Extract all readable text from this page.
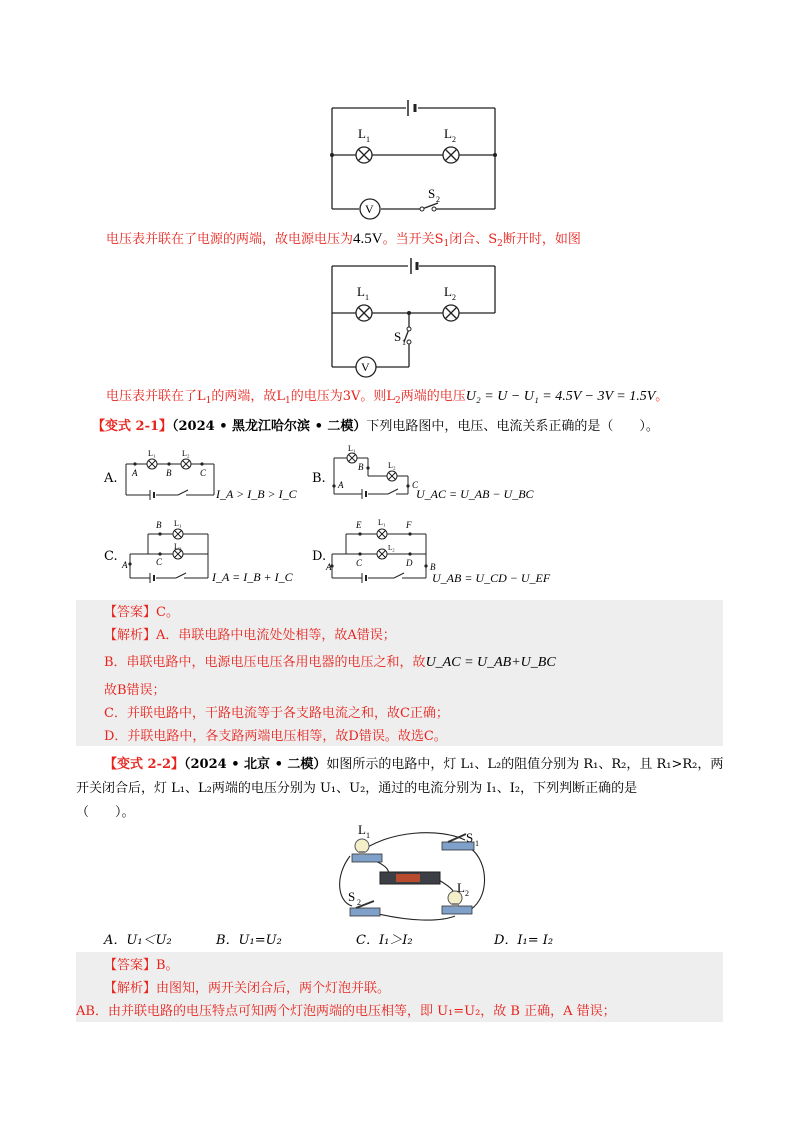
L 1	L 2
S 2
V
电压表并联在了电源的两端，故电源电压为4.5V。当开关$S_1$闭合、$S_2$断开时，如图
L 1	L 2
S 1
V
电压表并联在了$L_1$的两端，故$L_1$的电压为3V。则$L_2$两端的电压U₂ = U − U₁ = 4.5V − 3V = 1.5V。
【变式 2-1】（2024 • 黑龙江哈尔滨 • 二模）下列电路图中，电压、电流关系正确的是（　　）。
A.
L₁	L₂
A	B	C
I_A > I_B > I_C
B.
L₁
L₂
A
B
C
U_AC = U_AB − U_BC
C.
L₁
L₂
A
B
C
I_A = I_B + I_C
D.
L₁
L₂
A	B
C	D
E	F
U_AB = U_CD − U_EF
【答案】C。
【解析】A．串联电路中电流处处相等，故A错误；
B．串联电路中，电源电压电压各用电器的电压之和，故U_AC = U_AB+U_BC
故B错误；
C．并联电路中，干路电流等于各支路电流之和，故C正确；
D．并联电路中，各支路两端电压相等，故D错误。故选C。
【变式 2-2】（2024 • 北京 • 二模）如图所示的电路中，灯 L₁、L₂的阻值分别为 R₁、R₂，且 R₁>R₂，两
开关闭合后，灯 L₁、L₂两端的电压分别为 U₁、U₂，通过的电流分别为 I₁、I₂，下列判断正确的是
（　　）。
L 1	S 1
S 2
L 2
A．U₁＜U₂	B．U₁=U₂	C．I₁＞I₂	D．I₁= I₂
【答案】B。
【解析】由图知，两开关闭合后，两个灯泡并联。
AB．由并联电路的电压特点可知两个灯泡两端的电压相等，即 U₁=U₂，故 B 正确，A 错误；
